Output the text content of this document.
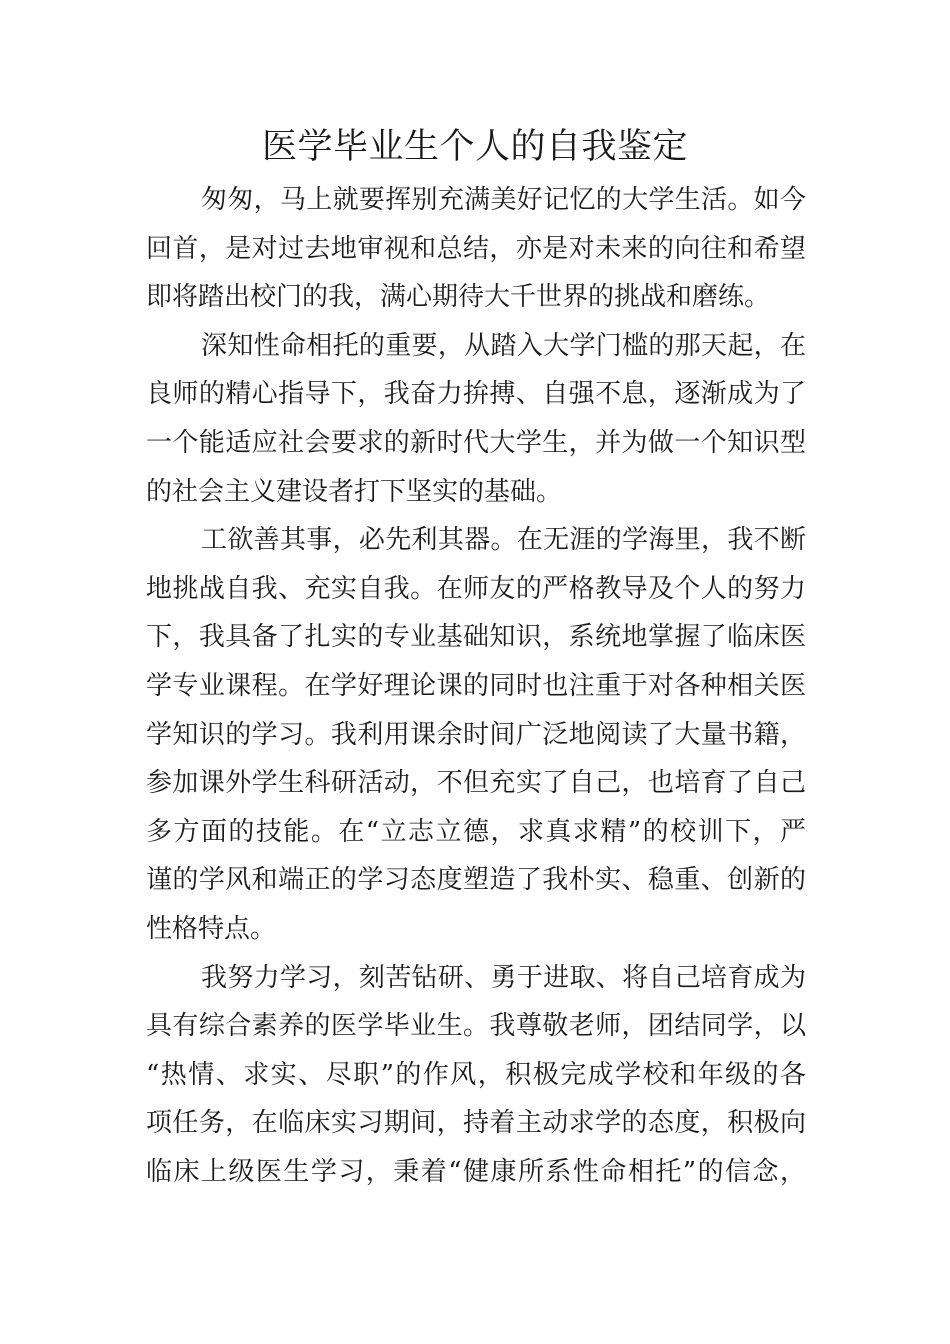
医学毕业生个人的自我鉴定
匆匆，马上就要挥别充满美好记忆的大学生活。如今
回首，是对过去地审视和总结，亦是对未来的向往和希望
即将踏出校门的我，满心期待大千世界的挑战和磨练。
深知性命相托的重要，从踏入大学门槛的那天起，在
良师的精心指导下，我奋力拚搏、自强不息，逐渐成为了
一个能适应社会要求的新时代大学生，并为做一个知识型
的社会主义建设者打下坚实的基础。
工欲善其事，必先利其器。在无涯的学海里，我不断
地挑战自我、充实自我。在师友的严格教导及个人的努力
下，我具备了扎实的专业基础知识，系统地掌握了临床医
学专业课程。在学好理论课的同时也注重于对各种相关医
学知识的学习。我利用课余时间广泛地阅读了大量书籍，
参加课外学生科研活动，不但充实了自己，也培育了自己
多方面的技能。在“立志立德，求真求精”的校训下，严
谨的学风和端正的学习态度塑造了我朴实、稳重、创新的
性格特点。
我努力学习，刻苦钻研、勇于进取、将自己培育成为
具有综合素养的医学毕业生。我尊敬老师，团结同学，以
“热情、求实、尽职”的作风，积极完成学校和年级的各
项任务，在临床实习期间，持着主动求学的态度，积极向
临床上级医生学习，秉着“健康所系性命相托”的信念，
